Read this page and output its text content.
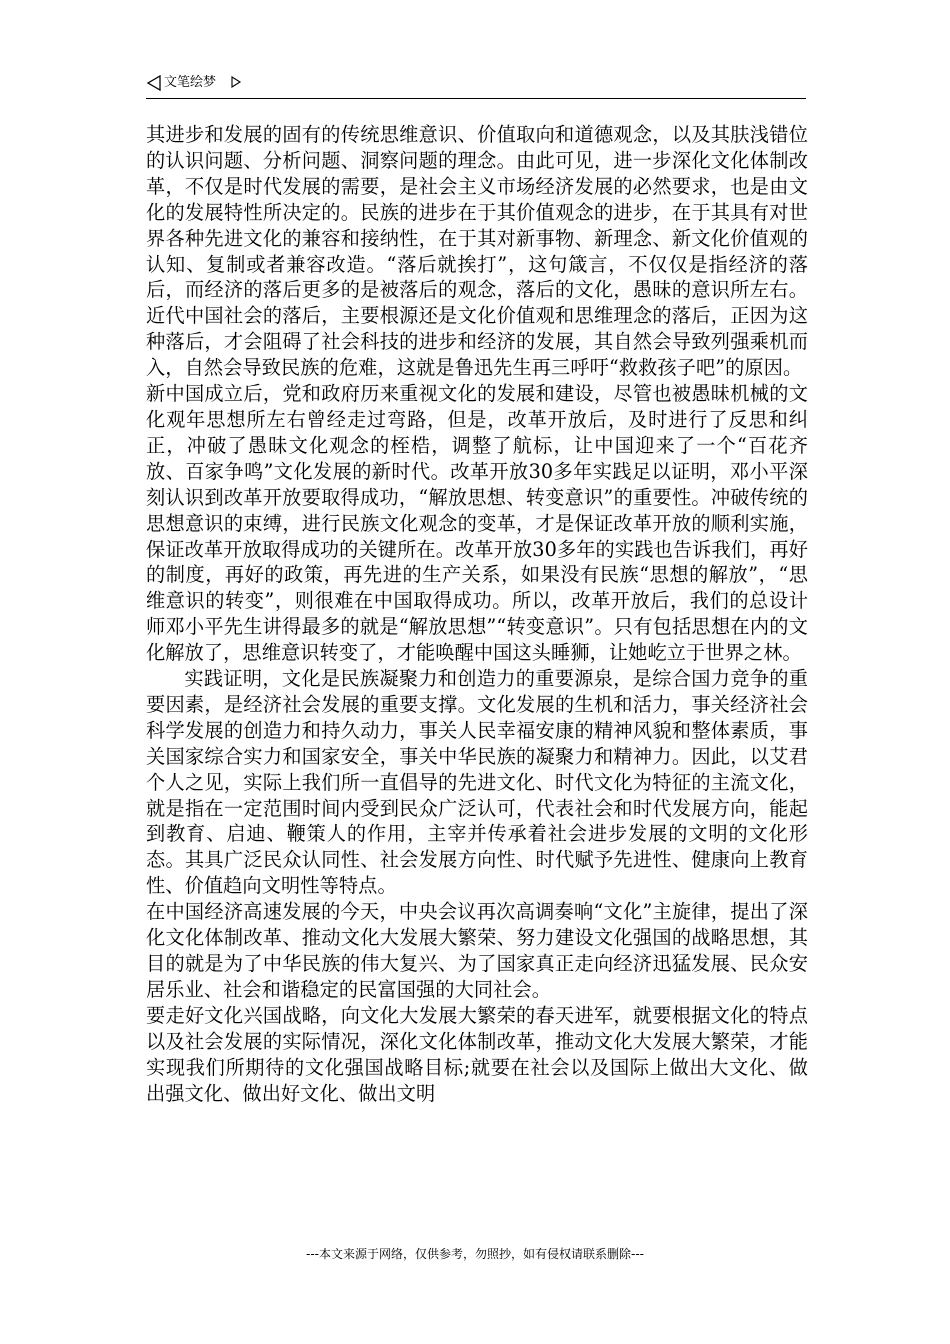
文笔绘梦

其进步和发展的固有的传统思维意识、价值取向和道德观念，以及其肤浅错位的认识问题、分析问题、洞察问题的理念。由此可见，进一步深化文化体制改革，不仅是时代发展的需要，是社会主义市场经济发展的必然要求，也是由文化的发展特性所决定的。民族的进步在于其价值观念的进步，在于其具有对世界各种先进文化的兼容和接纳性，在于其对新事物、新理念、新文化价值观的认知、复制或者兼容改造。“落后就挨打”，这句箴言，不仅仅是指经济的落后，而经济的落后更多的是被落后的观念，落后的文化，愚昧的意识所左右。近代中国社会的落后，主要根源还是文化价值观和思维理念的落后，正因为这种落后，才会阻碍了社会科技的进步和经济的发展，其自然会导致列强乘机而入，自然会导致民族的危难，这就是鲁迅先生再三呼吁“救救孩子吧”的原因。

新中国成立后，党和政府历来重视文化的发展和建设，尽管也被愚昧机械的文化观年思想所左右曾经走过弯路，但是，改革开放后，及时进行了反思和纠正，冲破了愚昧文化观念的桎梏，调整了航标，让中国迎来了一个“百花齐放、百家争鸣”文化发展的新时代。改革开放30多年实践足以证明，邓小平深刻认识到改革开放要取得成功，“解放思想、转变意识”的重要性。冲破传统的思想意识的束缚，进行民族文化观念的变革，才是保证改革开放的顺利实施，保证改革开放取得成功的关键所在。改革开放30多年的实践也告诉我们，再好的制度，再好的政策，再先进的生产关系，如果没有民族“思想的解放”，“思维意识的转变”，则很难在中国取得成功。所以，改革开放后，我们的总设计师邓小平先生讲得最多的就是“解放思想”“转变意识”。只有包括思想在内的文化解放了，思维意识转变了，才能唤醒中国这头睡狮，让她屹立于世界之林。

实践证明，文化是民族凝聚力和创造力的重要源泉，是综合国力竞争的重要因素，是经济社会发展的重要支撑。文化发展的生机和活力，事关经济社会科学发展的创造力和持久动力，事关人民幸福安康的精神风貌和整体素质，事关国家综合实力和国家安全，事关中华民族的凝聚力和精神力。因此，以艾君个人之见，实际上我们所一直倡导的先进文化、时代文化为特征的主流文化，就是指在一定范围时间内受到民众广泛认可，代表社会和时代发展方向，能起到教育、启迪、鞭策人的作用，主宰并传承着社会进步发展的文明的文化形态。其具广泛民众认同性、社会发展方向性、时代赋予先进性、健康向上教育性、价值趋向文明性等特点。

在中国经济高速发展的今天，中央会议再次高调奏响“文化”主旋律，提出了深化文化体制改革、推动文化大发展大繁荣、努力建设文化强国的战略思想，其目的就是为了中华民族的伟大复兴、为了国家真正走向经济迅猛发展、民众安居乐业、社会和谐稳定的民富国强的大同社会。

要走好文化兴国战略，向文化大发展大繁荣的春天进军，就要根据文化的特点以及社会发展的实际情况，深化文化体制改革，推动文化大发展大繁荣，才能实现我们所期待的文化强国战略目标;就要在社会以及国际上做出大文化、做出强文化、做出好文化、做出文明

---本文来源于网络，仅供参考，勿照抄，如有侵权请联系删除---
